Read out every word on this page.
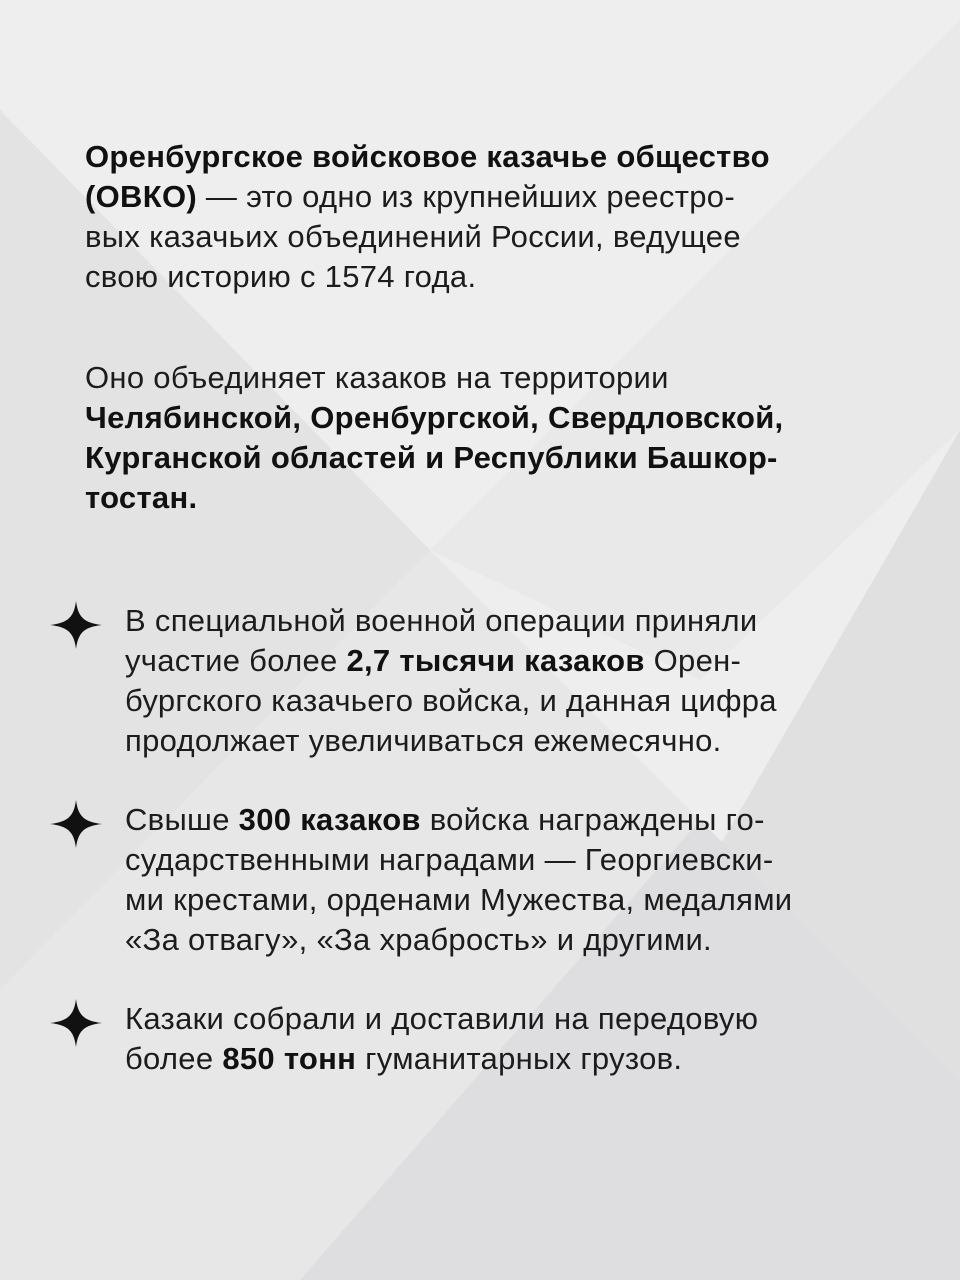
Оренбургское войсковое казачье общество
(ОВКО) — это одно из крупнейших реестро-
вых казачьих объединений России, ведущее
свою историю с 1574 года.

Оно объединяет казаков на территории
Челябинской, Оренбургской, Свердловской,
Курганской областей и Республики Башкор-
тостан.

В специальной военной операции приняли
участие более 2,7 тысячи казаков Орен-
бургского казачьего войска, и данная цифра
продолжает увеличиваться ежемесячно.

Свыше 300 казаков войска награждены го-
сударственными наградами — Георгиевски-
ми крестами, орденами Мужества, медалями
«За отвагу», «За храбрость» и другими.

Казаки собрали и доставили на передовую
более 850 тонн гуманитарных грузов.
